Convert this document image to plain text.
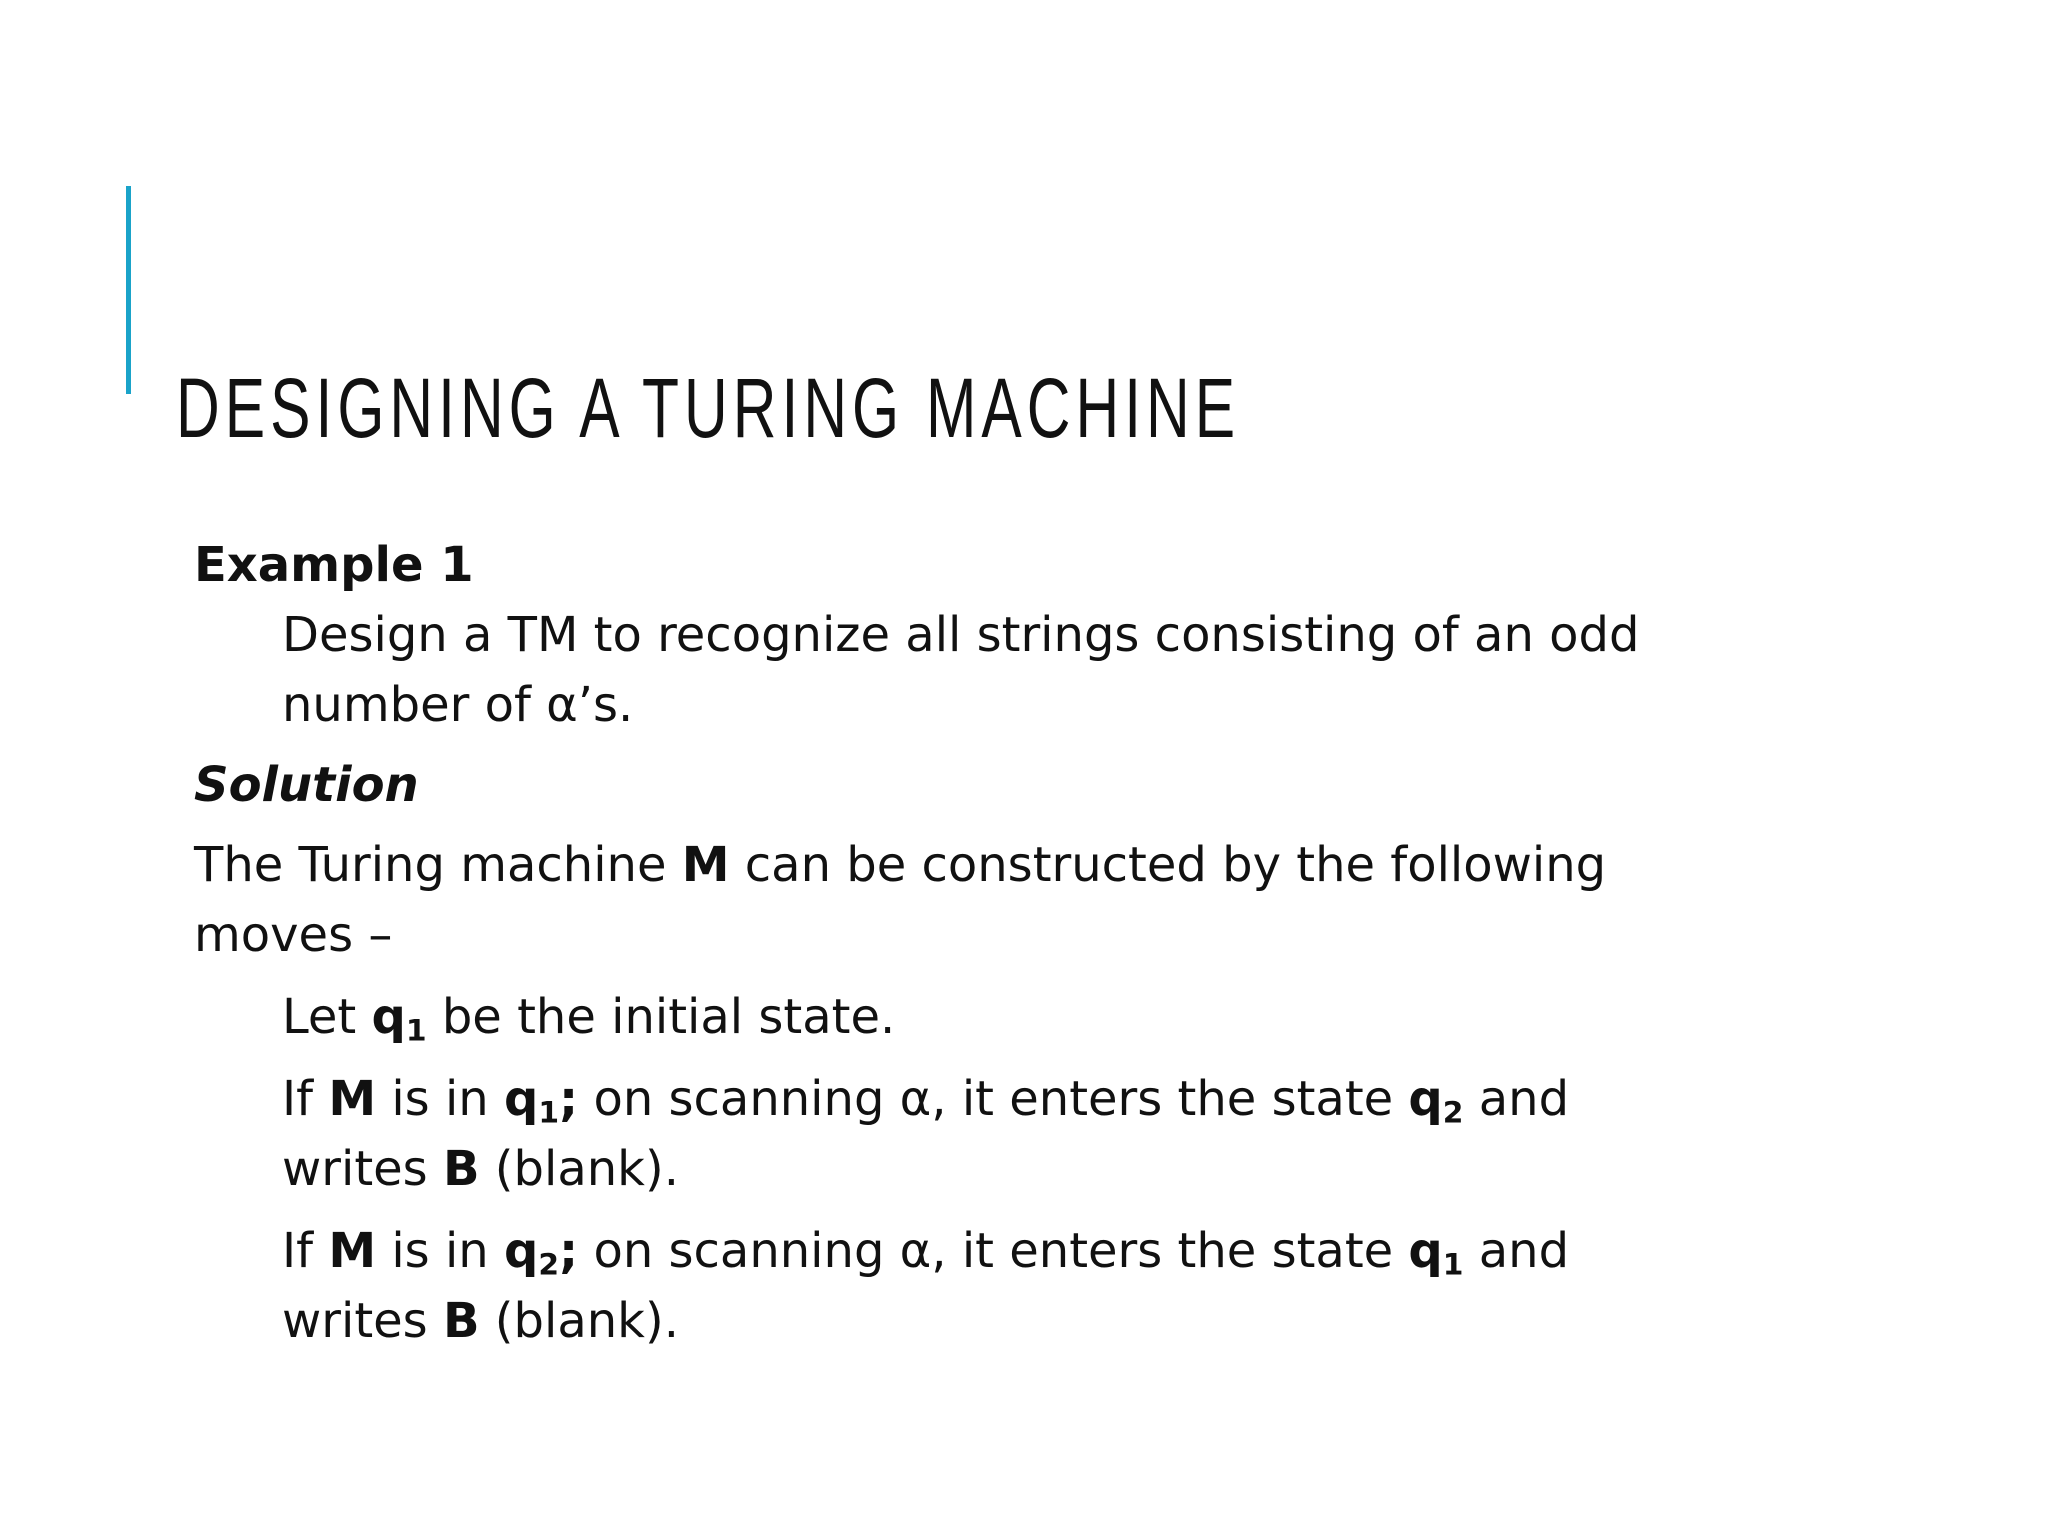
DESIGNING A TURING MACHINE

Example 1

Design a TM to recognize all strings consisting of an odd

number of α’s.

Solution

The Turing machine M can be constructed by the following

moves –

Let $q_1$ be the initial state.

If M is in $q_1$; on scanning α, it enters the state $q_2$ and

writes B (blank).

If M is in $q_2$; on scanning α, it enters the state $q_1$ and

writes B (blank).
